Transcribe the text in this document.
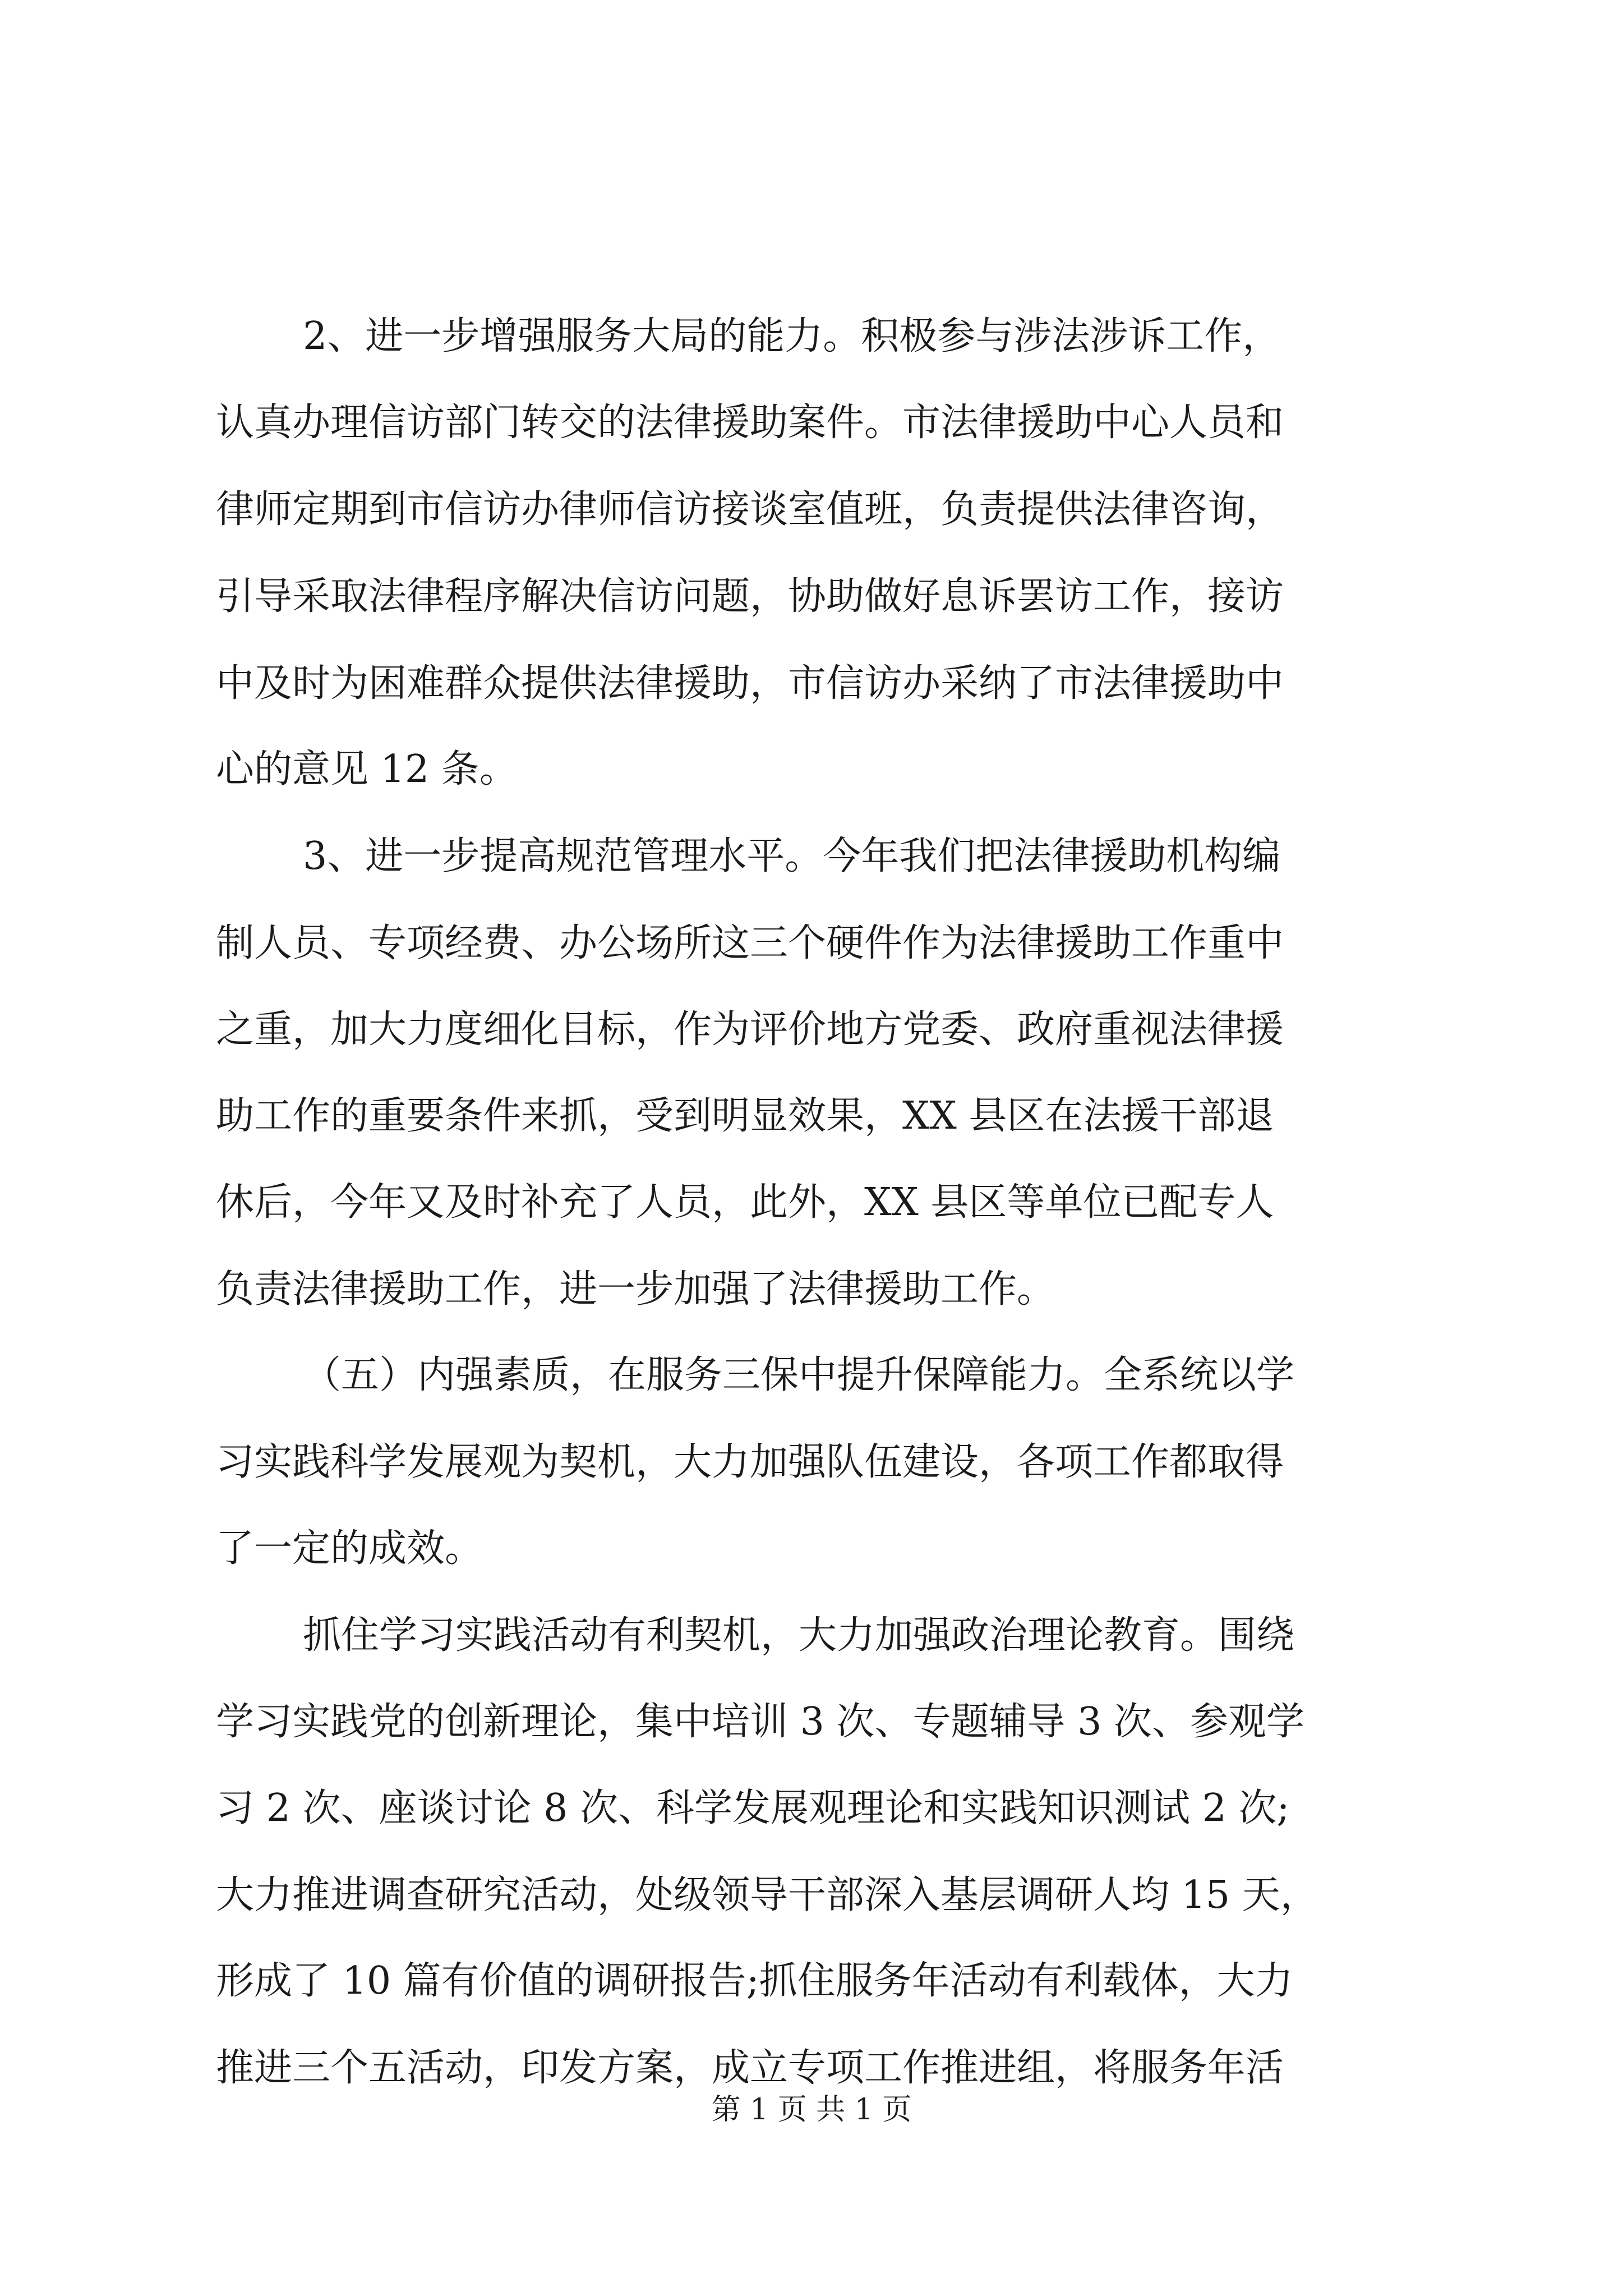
2、进一步增强服务大局的能力。积极参与涉法涉诉工作，

认真办理信访部门转交的法律援助案件。市法律援助中心人员和

律师定期到市信访办律师信访接谈室值班，负责提供法律咨询，

引导采取法律程序解决信访问题，协助做好息诉罢访工作，接访

中及时为困难群众提供法律援助，市信访办采纳了市法律援助中

心的意见 12 条。

3、进一步提高规范管理水平。今年我们把法律援助机构编

制人员、专项经费、办公场所这三个硬件作为法律援助工作重中

之重，加大力度细化目标，作为评价地方党委、政府重视法律援

助工作的重要条件来抓，受到明显效果，XX 县区在法援干部退

休后，今年又及时补充了人员，此外，XX 县区等单位已配专人

负责法律援助工作，进一步加强了法律援助工作。

（五）内强素质，在服务三保中提升保障能力。全系统以学

习实践科学发展观为契机，大力加强队伍建设，各项工作都取得

了一定的成效。

抓住学习实践活动有利契机，大力加强政治理论教育。围绕

学习实践党的创新理论，集中培训 3 次、专题辅导 3 次、参观学

习 2 次、座谈讨论 8 次、科学发展观理论和实践知识测试 2 次;

大力推进调查研究活动，处级领导干部深入基层调研人均 15 天，

形成了 10 篇有价值的调研报告;抓住服务年活动有利载体，大力

推进三个五活动，印发方案，成立专项工作推进组，将服务年活

第 1 页 共 1 页
